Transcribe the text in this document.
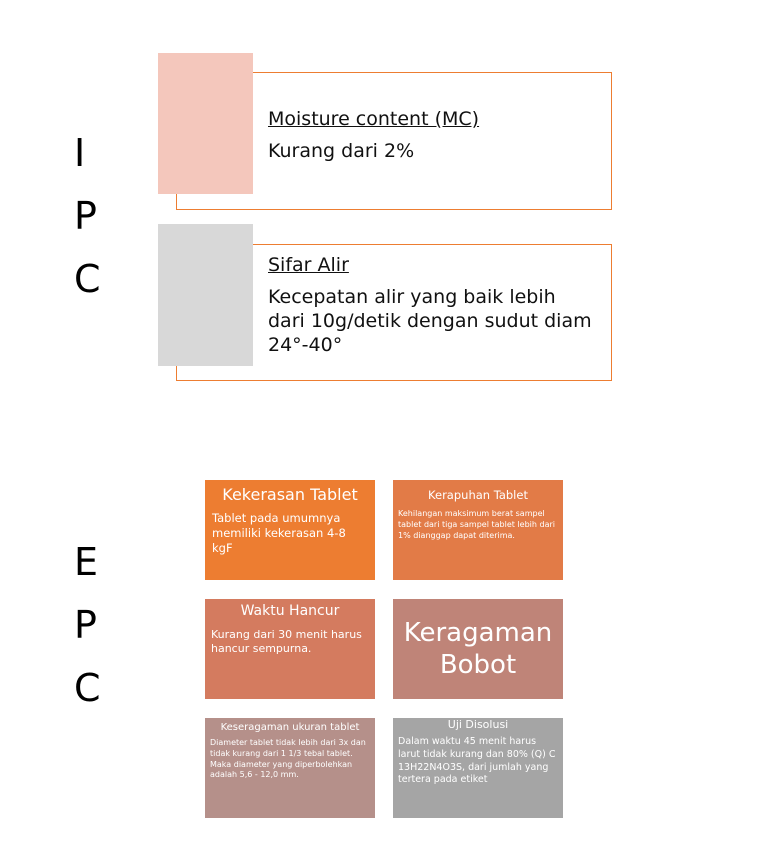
I
P
C
E
P
C

Moisture content (MC)

Kurang dari 2%

Sifar Alir

Kecepatan alir yang baik lebih dari 10g/detik dengan sudut diam 24°-40°

Kekerasan Tablet
Tablet pada umumnya memiliki kekerasan 4-8 kgF
Kerapuhan Tablet
Kehilangan maksimum berat sampel tablet dari tiga sampel tablet lebih dari 1% dianggap dapat diterima.
Waktu Hancur
Kurang dari 30 menit harus hancur sempurna.
Keragaman Bobot
Keseragaman ukuran tablet
Diameter tablet tidak lebih dari 3x dan tidak kurang dari 1 1/3 tebal tablet. Maka diameter yang diperbolehkan adalah 5,6 - 12,0 mm.
Uji Disolusi
Dalam waktu 45 menit harus larut tidak kurang dan 80% (Q) C 13H22N4O3S, dari jumlah yang tertera pada etiket
